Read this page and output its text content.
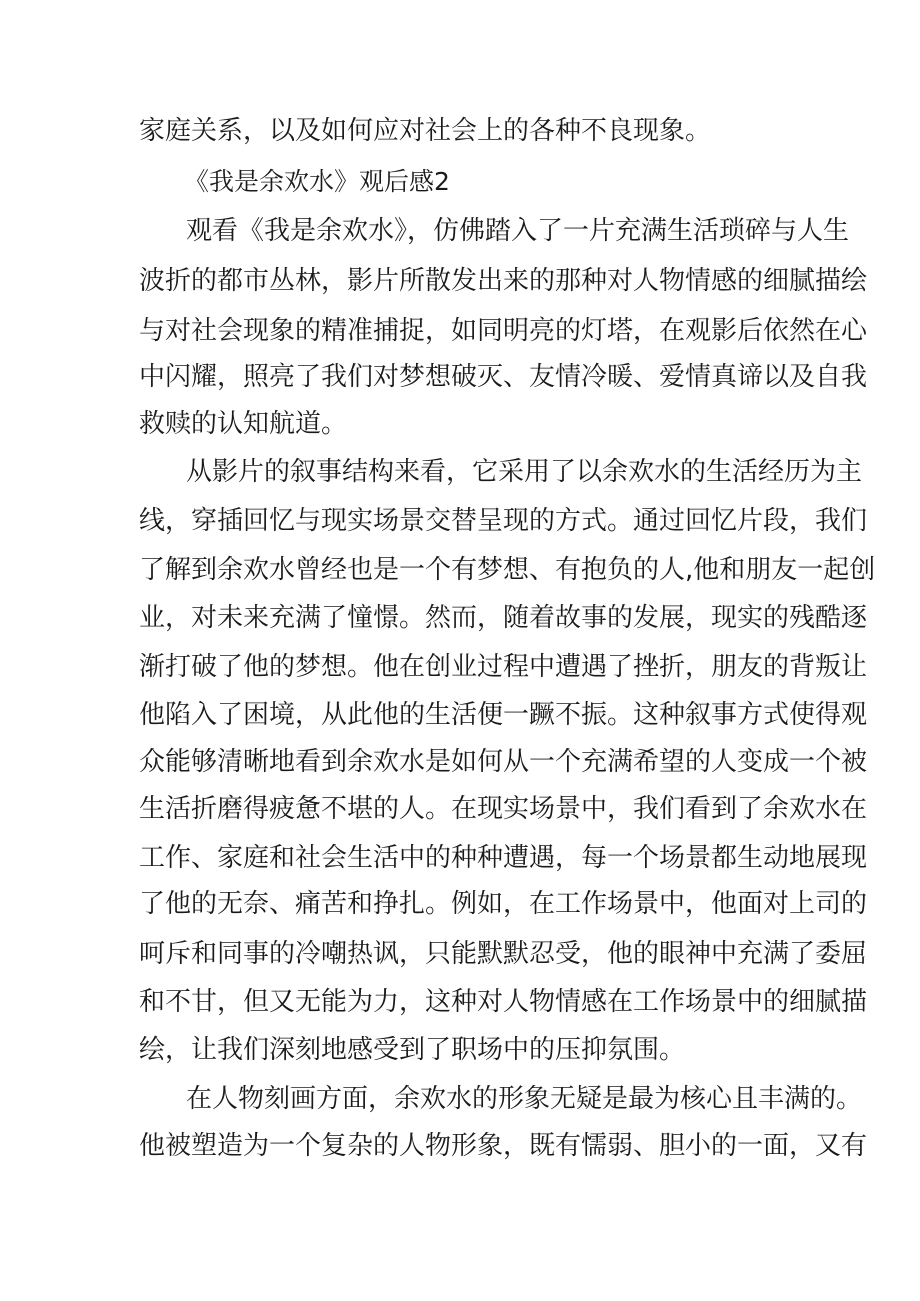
家庭关系，以及如何应对社会上的各种不良现象。
《我是余欢水》观后感2
观看《我是余欢水》，仿佛踏入了一片充满生活琐碎与人生
波折的都市丛林，影片所散发出来的那种对人物情感的细腻描绘
与对社会现象的精准捕捉，如同明亮的灯塔，在观影后依然在心
中闪耀，照亮了我们对梦想破灭、友情冷暖、爱情真谛以及自我
救赎的认知航道。
从影片的叙事结构来看，它采用了以余欢水的生活经历为主
线，穿插回忆与现实场景交替呈现的方式。通过回忆片段，我们
了解到余欢水曾经也是一个有梦想、有抱负的人,他和朋友一起创
业，对未来充满了憧憬。然而，随着故事的发展，现实的残酷逐
渐打破了他的梦想。他在创业过程中遭遇了挫折，朋友的背叛让
他陷入了困境，从此他的生活便一蹶不振。这种叙事方式使得观
众能够清晰地看到余欢水是如何从一个充满希望的人变成一个被
生活折磨得疲惫不堪的人。在现实场景中，我们看到了余欢水在
工作、家庭和社会生活中的种种遭遇，每一个场景都生动地展现
了他的无奈、痛苦和挣扎。例如，在工作场景中，他面对上司的
呵斥和同事的冷嘲热讽，只能默默忍受，他的眼神中充满了委屈
和不甘，但又无能为力，这种对人物情感在工作场景中的细腻描
绘，让我们深刻地感受到了职场中的压抑氛围。
在人物刻画方面，余欢水的形象无疑是最为核心且丰满的。
他被塑造为一个复杂的人物形象，既有懦弱、胆小的一面，又有
